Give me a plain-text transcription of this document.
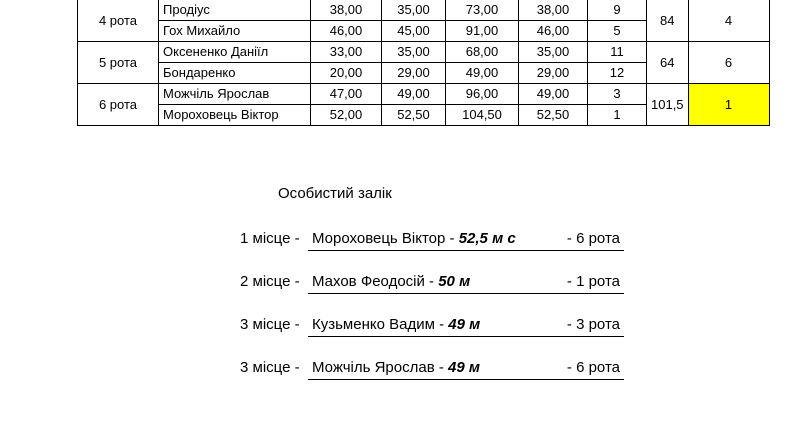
4 рота	Продіус	38,00	35,00	73,00	38,00	9	84	4
	Гох Михайло	46,00	45,00	91,00	46,00	5		
5 рота	Оксененко Даніїл	33,00	35,00	68,00	35,00	11	64	6
	Бондаренко	20,00	29,00	49,00	29,00	12		
6 рота	Можчіль Ярослав	47,00	49,00	96,00	49,00	3	101,5	1
	Мороховець Віктор	52,00	52,50	104,50	52,50	1		
Особистий залік
1 місце - Мороховець Віктор - 52,5 м с	- 6 рота
2 місце - Махов Феодосій - 50 м	- 1 рота
3 місце - Кузьменко Вадим - 49 м	- 3 рота
3 місце - Можчіль Ярослав - 49 м	- 6 рота
